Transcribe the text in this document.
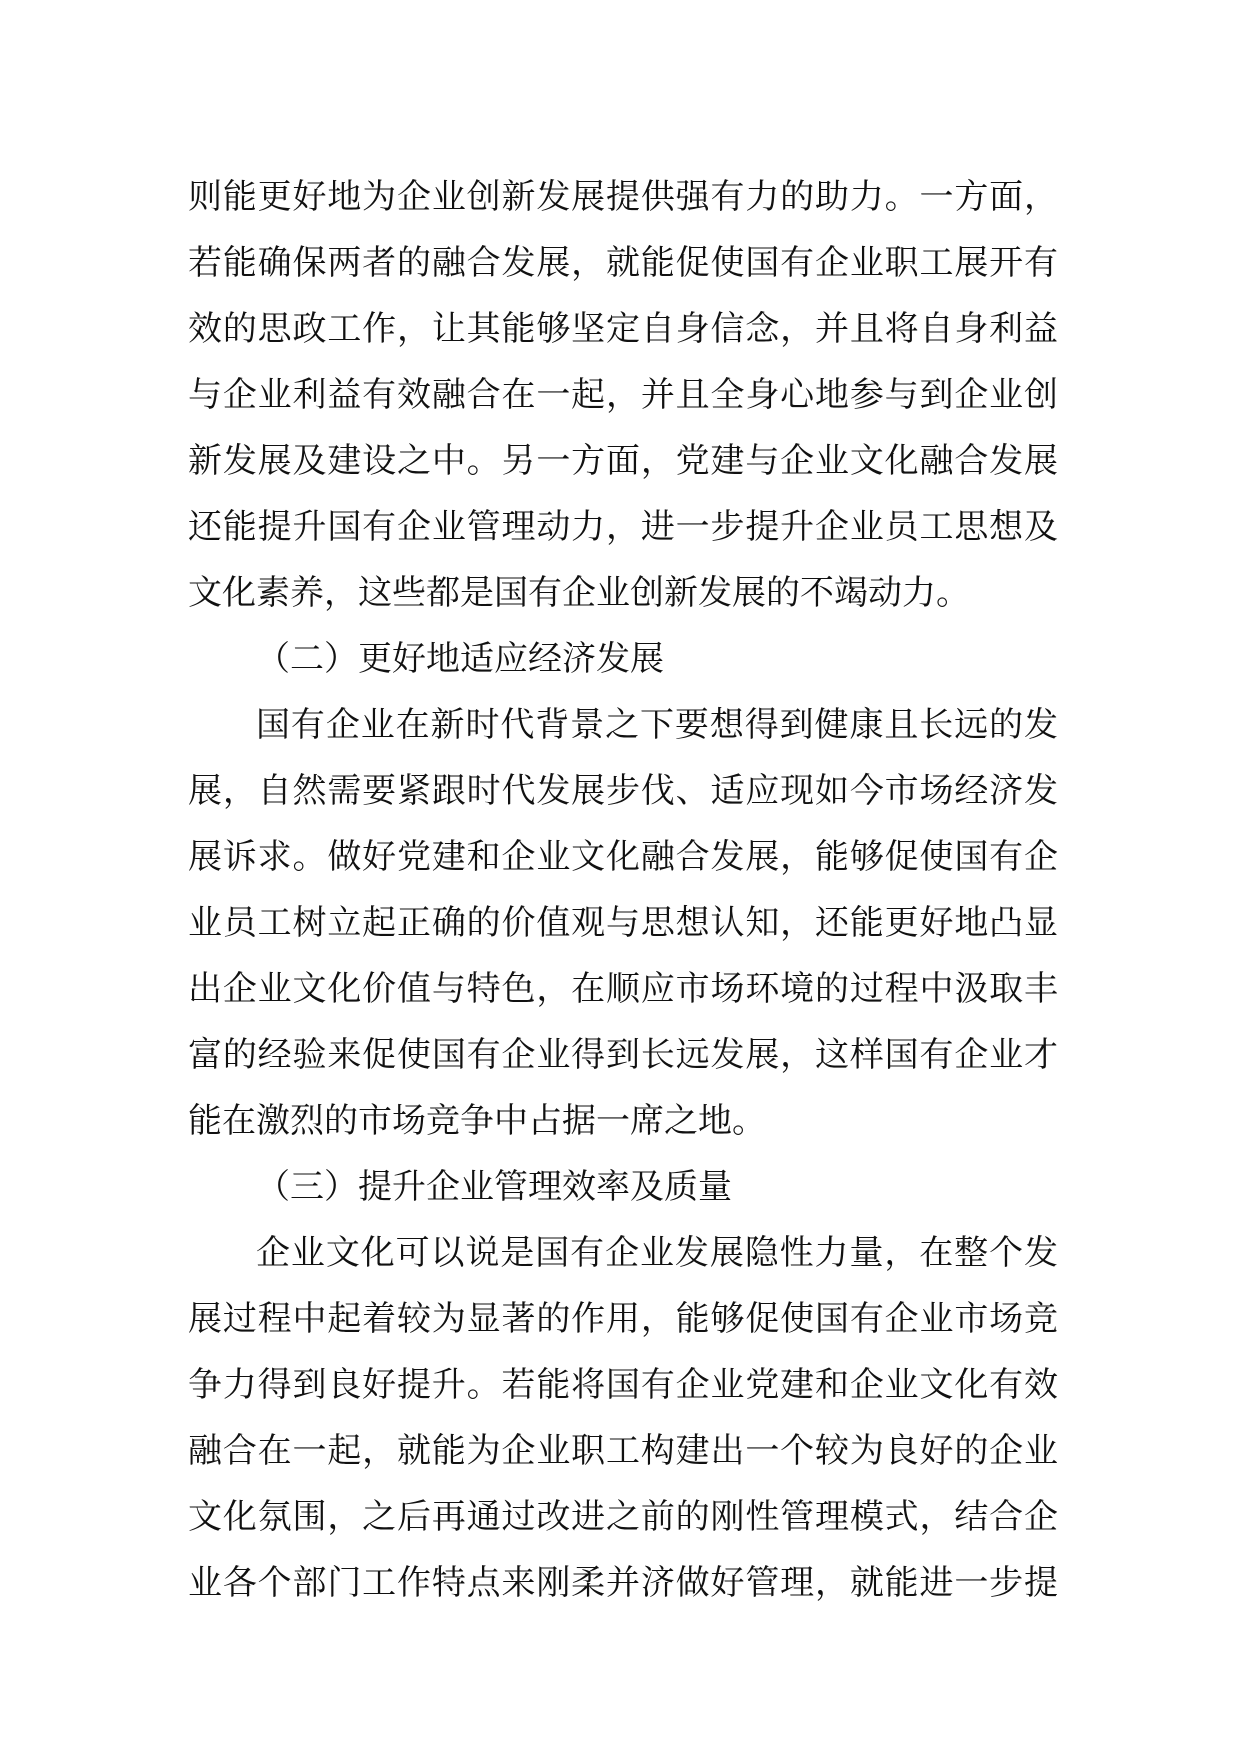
则能更好地为企业创新发展提供强有力的助力。一方面，
若能确保两者的融合发展，就能促使国有企业职工展开有
效的思政工作，让其能够坚定自身信念，并且将自身利益
与企业利益有效融合在一起，并且全身心地参与到企业创
新发展及建设之中。另一方面，党建与企业文化融合发展
还能提升国有企业管理动力，进一步提升企业员工思想及
文化素养，这些都是国有企业创新发展的不竭动力。
（二）更好地适应经济发展
国有企业在新时代背景之下要想得到健康且长远的发
展，自然需要紧跟时代发展步伐、适应现如今市场经济发
展诉求。做好党建和企业文化融合发展，能够促使国有企
业员工树立起正确的价值观与思想认知，还能更好地凸显
出企业文化价值与特色，在顺应市场环境的过程中汲取丰
富的经验来促使国有企业得到长远发展，这样国有企业才
能在激烈的市场竞争中占据一席之地。
（三）提升企业管理效率及质量
企业文化可以说是国有企业发展隐性力量，在整个发
展过程中起着较为显著的作用，能够促使国有企业市场竞
争力得到良好提升。若能将国有企业党建和企业文化有效
融合在一起，就能为企业职工构建出一个较为良好的企业
文化氛围，之后再通过改进之前的刚性管理模式，结合企
业各个部门工作特点来刚柔并济做好管理，就能进一步提
